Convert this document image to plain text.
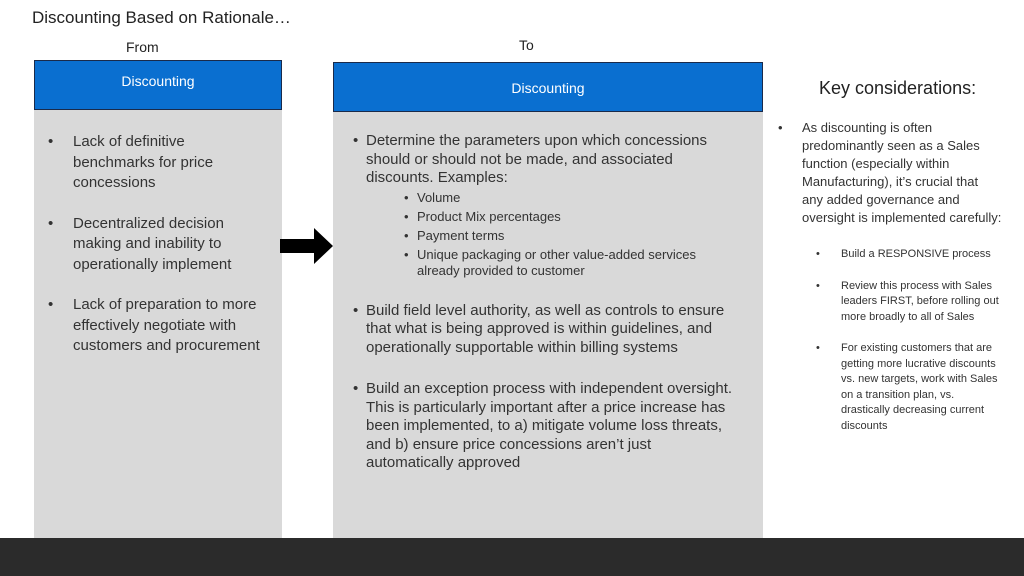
Discounting Based on Rationale…
From	To
Discounting
• Lack of definitive benchmarks for price concessions
• Decentralized decision making and inability to operationally implement
• Lack of preparation to more effectively negotiate with customers and procurement
Discounting
• Determine the parameters upon which concessions should or should not be made, and associated discounts. Examples:
• Volume
• Product Mix percentages
• Payment terms
• Unique packaging or other value-added services already provided to customer
• Build field level authority, as well as controls to ensure that what is being approved is within guidelines, and operationally supportable within billing systems
• Build an exception process with independent oversight. This is particularly important after a price increase has been implemented, to a) mitigate volume loss threats, and b) ensure price concessions aren’t just automatically approved
Key considerations:
• As discounting is often predominantly seen as a Sales function (especially within Manufacturing), it’s crucial that any added governance and oversight is implemented carefully:
• Build a RESPONSIVE process
• Review this process with Sales leaders FIRST, before rolling out more broadly to all of Sales
• For existing customers that are getting more lucrative discounts vs. new targets, work with Sales on a transition plan, vs. drastically decreasing current discounts
